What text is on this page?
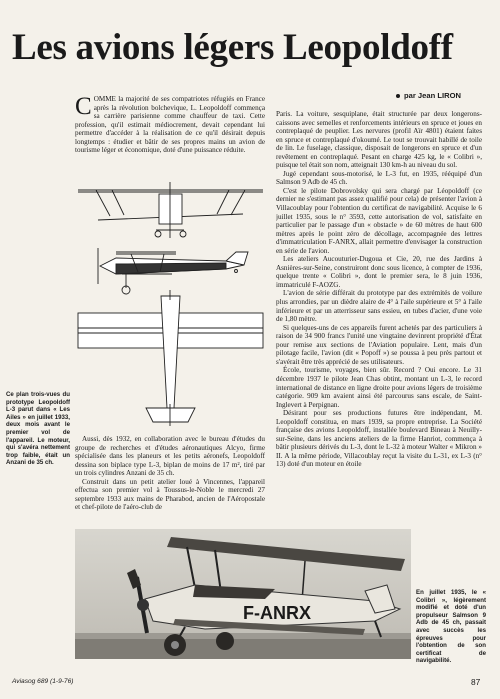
Les avions légers Leopoldoff
par Jean LIRON

COMME la majorité de ses compatriotes réfugiés en France après la révolution bolchevique, L. Leopoldoff commença sa carrière parisienne comme chauffeur de taxi. Cette profession, qu'il estimait médiocrement, devait cependant lui permettre d'accéder à la réalisation de ce qu'il désirait depuis longtemps : étudier et bâtir de ses propres mains un avion de tourisme léger et économique, doté d'une puissance réduite.

Ce plan trois-vues du prototype Leopoldoff L-3 parut dans « Les Ailes » en juillet 1933, deux mois avant le premier vol de l'appareil. Le moteur, qui s'avéra nettement trop faible, était un Anzani de 35 ch.

Aussi, dès 1932, en collaboration avec le bureau d'études du groupe de recherches et d'études aéronautiques Alcyo, firme spécialisée dans les planeurs et les petits aéronefs, Leopoldoff dessina son biplace type L-3, biplan de moins de 17 m², tiré par un trois cylindres Anzani de 35 ch.

Construit dans un petit atelier loué à Vincennes, l'appareil effectua son premier vol à Toussus-le-Noble le mercredi 27 septembre 1933 aux mains de Pharabod, ancien de l'Aéropostale et chef-pilote de l'aéro-club de

Paris. La voiture, sesquiplane, était structurée par deux longerons-caissons avec semelles et renforcements intérieurs en spruce et joues en contreplaqué de peuplier. Les nervures (profil Aïr 4801) étaient faites en spruce et contreplaqué d'okoumé. Le tout se trouvait habillé de toile de lin. Le fuselage, classique, disposait de longerons en spruce et d'un revêtement en contreplaqué. Pesant en charge 425 kg, le « Colibri », puisque tel était son nom, atteignait 130 km-h au niveau du sol.

Jugé cependant sous-motorisé, le L-3 fut, en 1935, rééquipé d'un Salmson 9 Adb de 45 ch.

C'est le pilote Dobrovolsky qui sera chargé par Léopoldoff (ce dernier ne s'estimant pas assez qualifié pour cela) de présenter l'avion à Villacoublay pour l'obtention du certificat de navigabilité. Acquise le 6 juillet 1935, sous le n° 3593, cette autorisation de vol, satisfaite en particulier par le passage d'un « obstacle » de 60 mètres de haut 600 mètres après le point zéro de décollage, accompagnée des lettres d'immatriculation F-ANRX, allait permettre d'envisager la construction en série de l'avion.

Les ateliers Aucouturier-Dugoua et Cie, 20, rue des Jardins à Asnières-sur-Seine, construiront donc sous licence, à compter de 1936, quelque trente « Colibri », dont le premier sera, le 8 juin 1936, immatriculé F-AOZG.

L'avion de série différait du prototype par des extrémités de voilure plus arrondies, par un dièdre alaire de 4° à l'aile supérieure et 5° à l'aile inférieure et par un atterrisseur sans essieu, en tubes d'acier, d'une voie de 1,80 mètre.

Si quelques-uns de ces appareils furent achetés par des particuliers à raison de 34 900 francs l'unité une vingtaine devinrent propriété d'État pour remise aux sections de l'Aviation populaire. Lent, mais d'un pilotage facile, l'avion (dit « Popoff ») se poussa à peu près partout et s'avérait être très apprécié de ses utilisateurs.

École, tourisme, voyages, bien sûr. Record ? Oui encore. Le 31 décembre 1937 le pilote Jean Chas obtint, montant un L-3, le record international de distance en ligne droite pour avions légers de troisième catégorie. 909 km avaient ainsi été parcourus sans escale, de Saint-Inglevert à Perpignan.

Désirant pour ses productions futures être indépendant, M. Leopoldoff constitua, en mars 1939, sa propre entreprise. La Société française des avions Leopoldoff, installée boulevard Bineau à Neuilly-sur-Seine, dans les anciens ateliers de la firme Hanriot, commença à bâtir plusieurs dérivés du L-3, dont le L-32 à moteur Walter « Mikron » II. A la même période, Villacoublay reçut la visite du L-31, ex L-3 (n° 13) doté d'un moteur en étoile

F-ANRX
En juillet 1935, le « Colibri », légèrement modifié et doté d'un propulseur Salmson 9 Adb de 45 ch, passait avec succès les épreuves pour l'obtention de son certificat de navigabilité.
Aviasog 689 (1-9-76)	87
